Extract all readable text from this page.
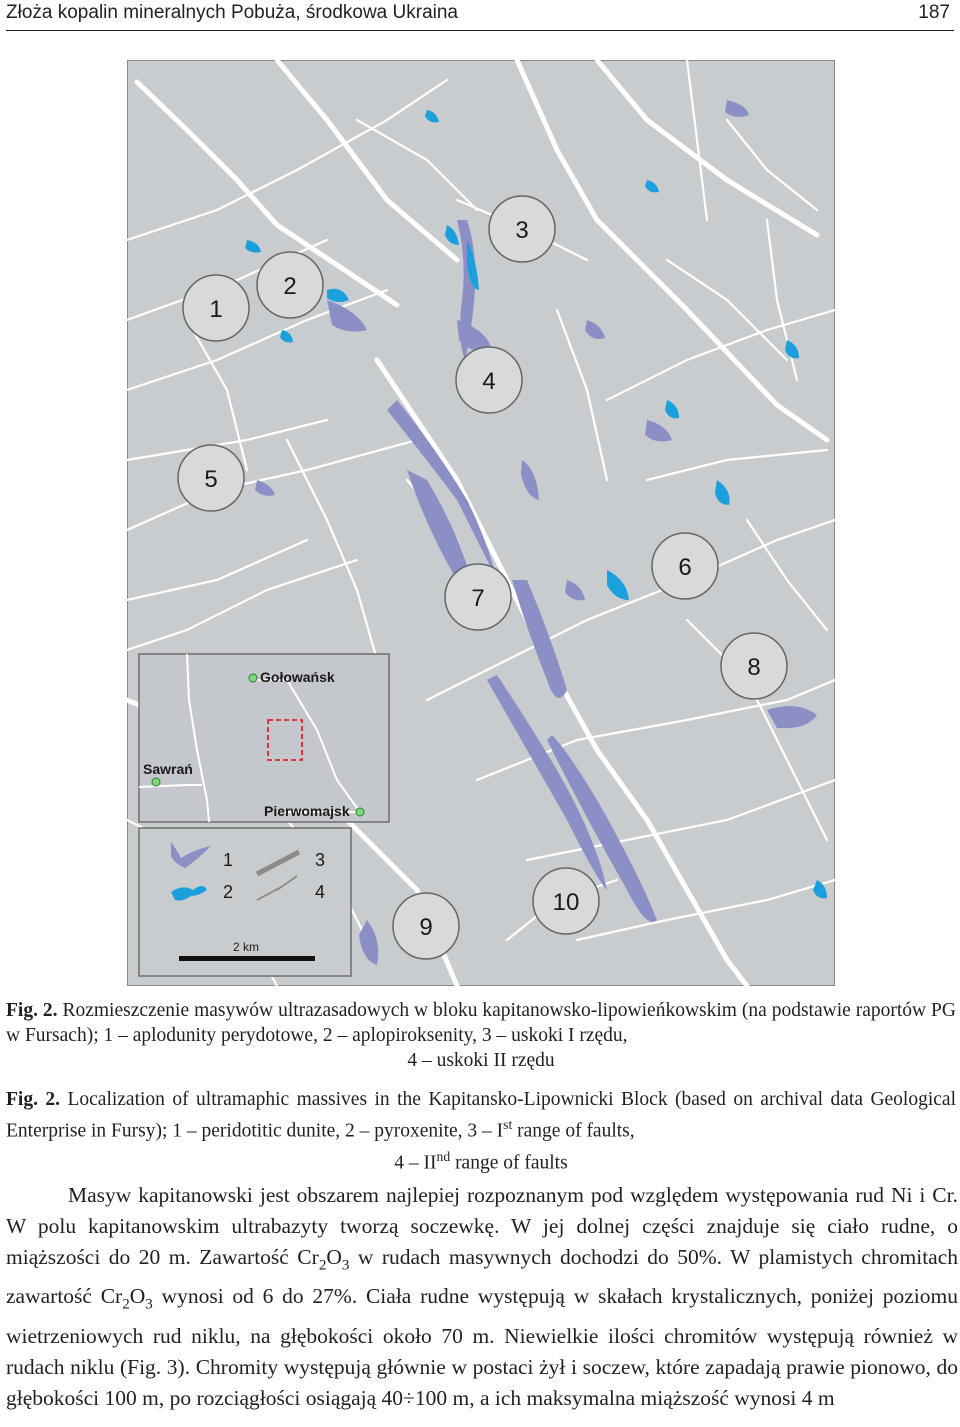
Złoża kopalin mineralnych Pobuża, środkowa Ukraina	187
1
2
3
4
5
6
7
8
9
10
Gołowańsk
Sawrań
Pierwomajsk
1
2
3
4
2 km
Fig. 2. Rozmieszczenie masywów ultrazasadowych w bloku kapitanowsko-lipowieńkowskim (na podstawie raportów PG w Fursach); 1 – aplodunity perydotowe, 2 – aplopiroksenity, 3 – uskoki I rzędu,
4 – uskoki II rzędu
Fig. 2. Localization of ultramaphic massives in the Kapitansko-Lipownicki Block (based on archival data Geological Enterprise in Fursy); 1 – peridotitic dunite, 2 – pyroxenite, 3 – Ist range of faults,
4 – IInd range of faults

Masyw kapitanowski jest obszarem najlepiej rozpoznanym pod względem występowania rud Ni i Cr. W polu kapitanowskim ultrabazyty tworzą soczewkę. W jej dolnej części znajduje się ciało rudne, o miąższości do 20 m. Zawartość $Cr_2O_3$ w rudach masywnych dochodzi do 50%. W plamistych chromitach zawartość $Cr_2O_3$ wynosi od 6 do 27%. Ciała rudne występują w skałach krystalicznych, poniżej poziomu wietrzeniowych rud niklu, na głębokości około 70 m. Niewielkie ilości chromitów występują również w rudach niklu (Fig. 3). Chromity występują głównie w postaci żył i soczew, które zapadają prawie pionowo, do głębokości 100 m, po rozciągłości osiągają 40÷100 m, a ich maksymalna miąższość wynosi 4 m
